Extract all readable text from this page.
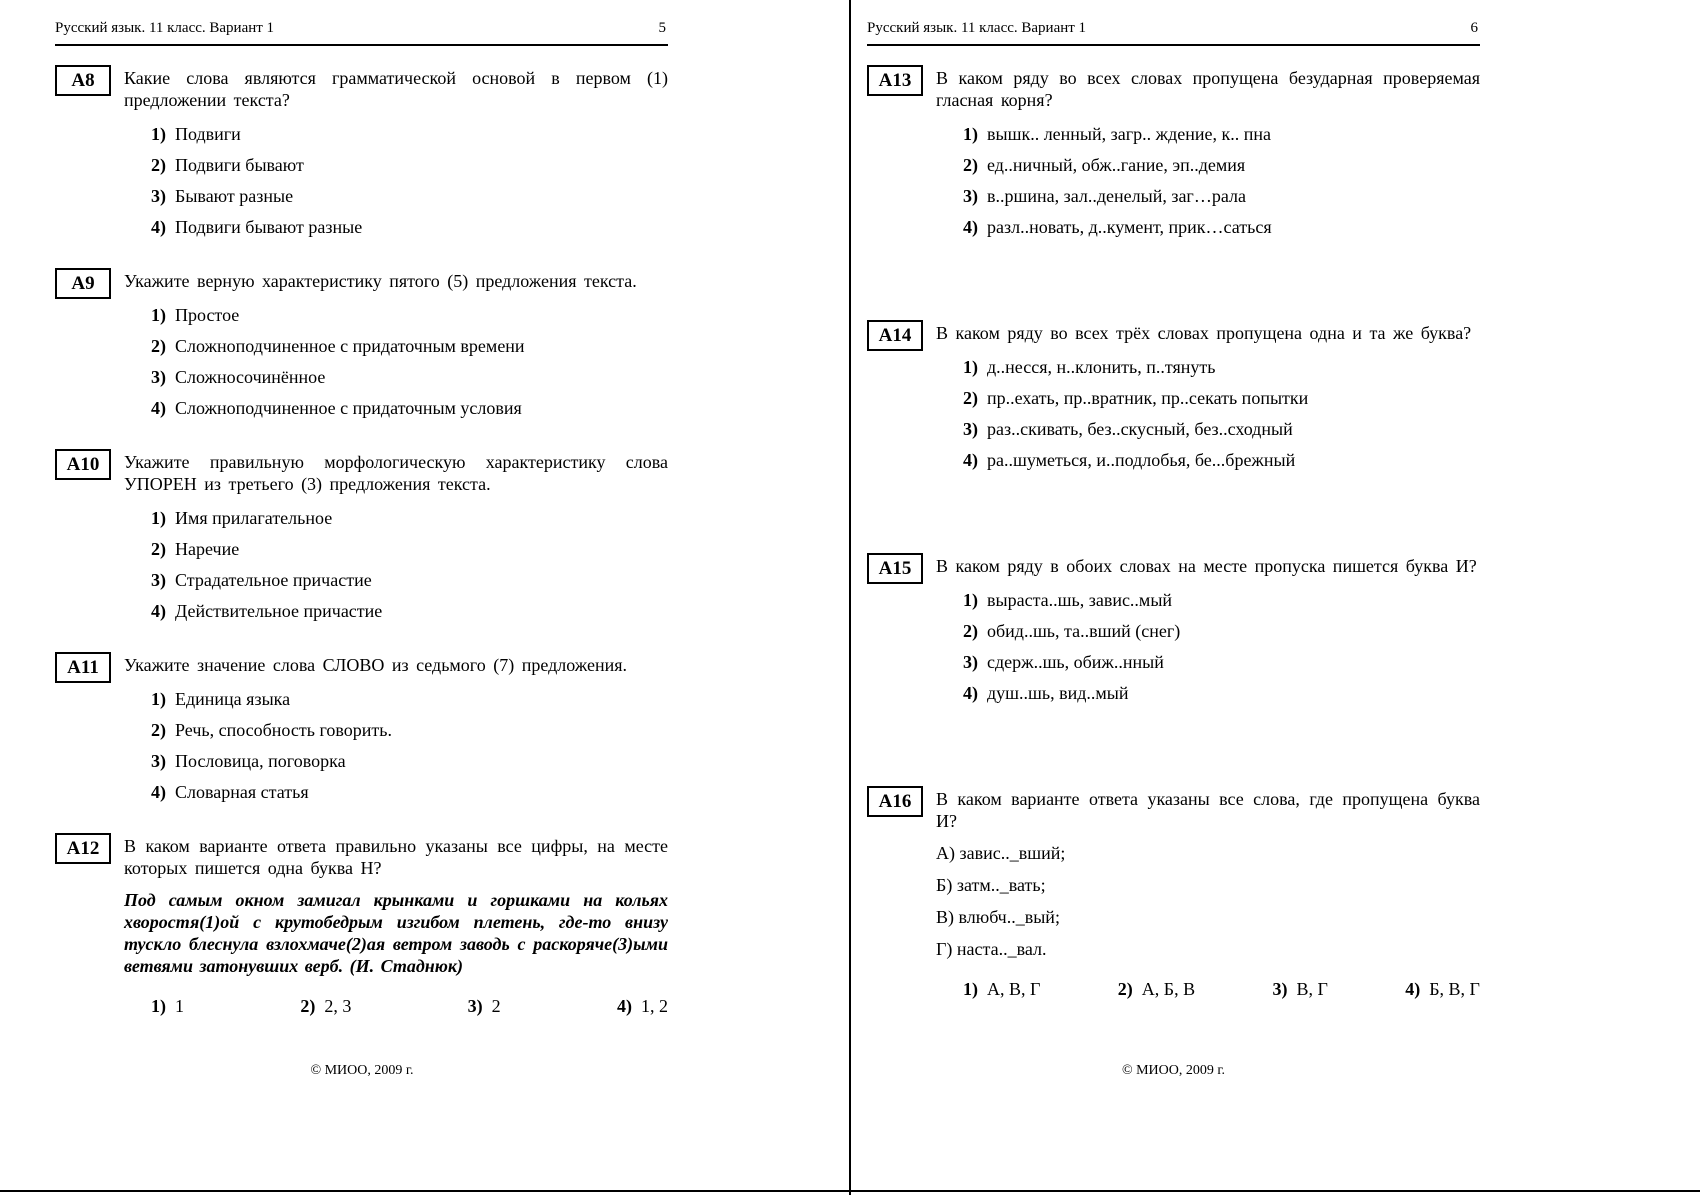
Русский язык. 11 класс. Вариант 1	5
А8	Какие слова являются грамматической основой в первом (1) предложении текста?

1) Подвиги
2) Подвиги бывают
3) Бывают разные
4) Подвиги бывают разные
А9	Укажите верную характеристику пятого (5) предложения текста.

1) Простое
2) Сложноподчиненное с придаточным времени
3) Сложносочинённое
4) Сложноподчиненное с придаточным условия
А10	Укажите правильную морфологическую характеристику слова УПОРЕН из третьего (3) предложения текста.

1) Имя прилагательное
2) Наречие
3) Страдательное причастие
4) Действительное причастие
А11	Укажите значение слова СЛОВО из седьмого (7) предложения.

1) Единица языка
2) Речь, способность говорить.
3) Пословица, поговорка
4) Словарная статья
А12	В каком варианте ответа правильно указаны все цифры, на месте которых пишется одна буква Н?

Под самым окном замигал крынками и горшками на кольях хворостя(1)ой с крутобедрым изгибом плетень, где-то внизу тускло блеснула взлохмаче(2)ая ветром заводь с раскоряче(3)ыми ветвями затонувших верб. (И. Стаднюк)

1) 1	2) 2, 3	3) 2	4) 1, 2
© МИОО, 2009 г.
Русский язык. 11 класс. Вариант 1	6
А13	В каком ряду во всех словах пропущена безударная проверяемая гласная корня?

1) вышк.. ленный, загр.. ждение, к.. пна
2) ед..ничный, обж..гание, эп..демия
3) в..ршина, зал..денелый, заг…рала
4) разл..новать, д..кумент, прик…саться
А14	В каком ряду во всех трёх словах пропущена одна и та же буква?

1) д..несся, н..клонить, п..тянуть
2) пр..ехать, пр..вратник, пр..секать попытки
3) раз..скивать, без..скусный, без..сходный
4) ра..шуметься, и..подлобья, бе...брежный
А15	В каком ряду в обоих словах на месте пропуска пишется буква И?

1) выраста..шь, завис..мый
2) обид..шь, та..вший (снег)
3) сдерж..шь, обиж..нный
4) душ..шь, вид..мый
А16	В каком варианте ответа указаны все слова, где пропущена буква И?

А) завис.._вший;

Б) затм.._вать;

В) влюбч.._вый;

Г) наста.._вал.

1) А, В, Г	2) А, Б, В	3) В, Г	4) Б, В, Г
© МИОО, 2009 г.
